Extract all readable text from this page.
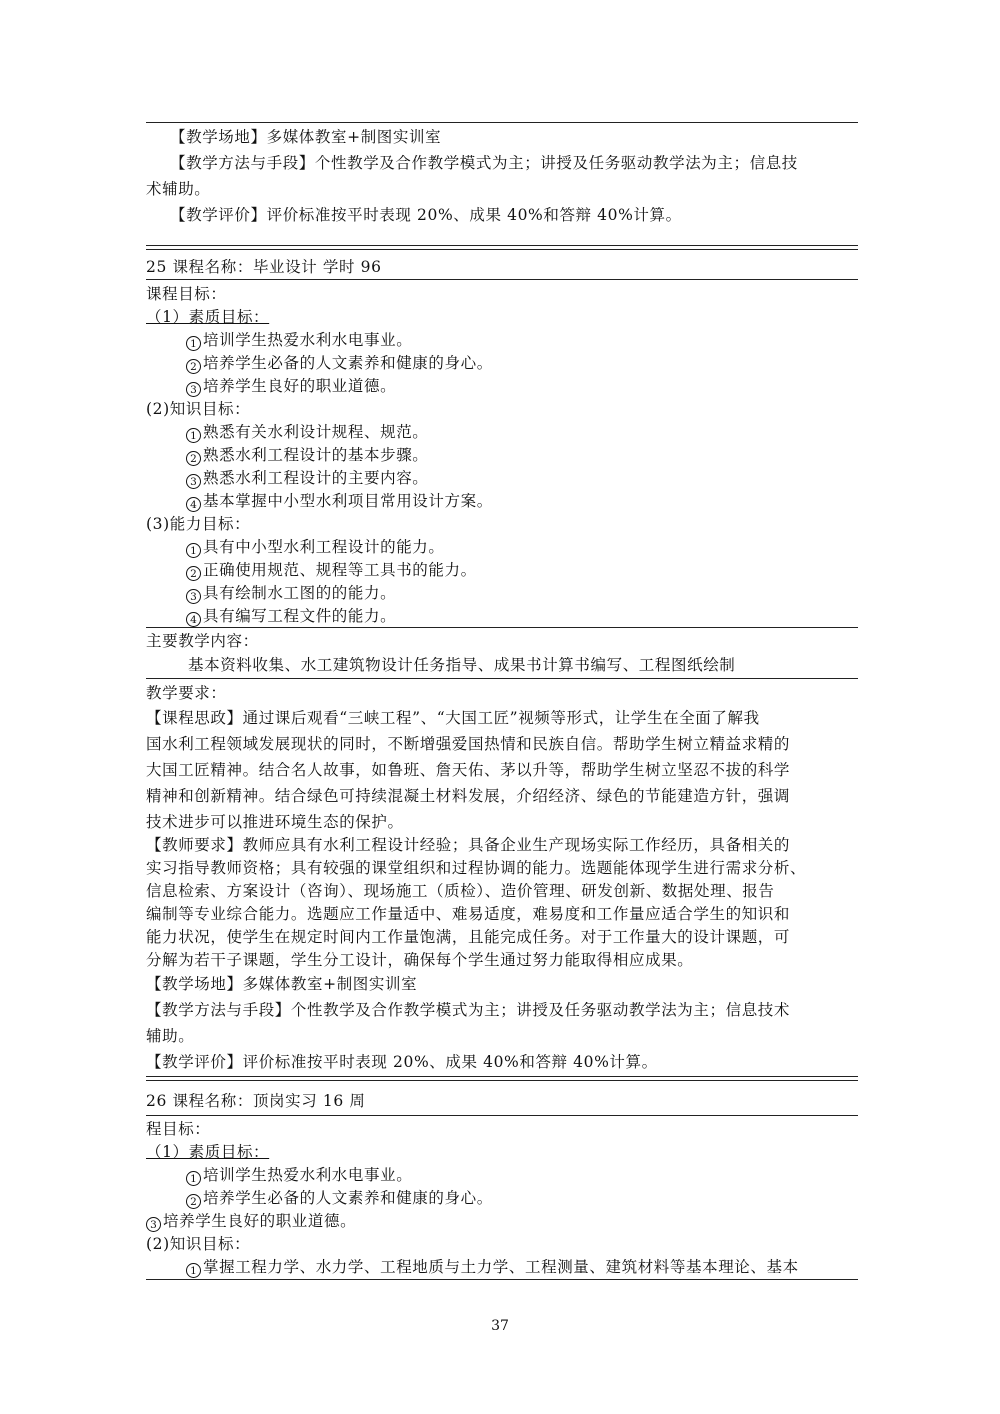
【教学场地】多媒体教室+制图实训室
【教学方法与手段】个性教学及合作教学模式为主；讲授及任务驱动教学法为主；信息技
术辅助。
【教学评价】评价标准按平时表现 20%、成果 40%和答辩 40%计算。
25 课程名称：毕业设计 学时 96
课程目标：
（1）素质目标：
1 培训学生热爱水利水电事业。
2 培养学生必备的人文素养和健康的身心。
3 培养学生良好的职业道德。
(2)知识目标：
1 熟悉有关水利设计规程、规范。
2 熟悉水利工程设计的基本步骤。
3 熟悉水利工程设计的主要内容。
4 基本掌握中小型水利项目常用设计方案。
(3)能力目标：
1 具有中小型水利工程设计的能力。
2 正确使用规范、规程等工具书的能力。
3 具有绘制水工图的的能力。
4 具有编写工程文件的能力。
主要教学内容：
基本资料收集、水工建筑物设计任务指导、成果书计算书编写、工程图纸绘制
教学要求：
【课程思政】通过课后观看“三峡工程”、“大国工匠”视频等形式，让学生在全面了解我
国水利工程领域发展现状的同时，不断增强爱国热情和民族自信。帮助学生树立精益求精的
大国工匠精神。结合名人故事，如鲁班、詹天佑、茅以升等，帮助学生树立坚忍不拔的科学
精神和创新精神。结合绿色可持续混凝土材料发展，介绍经济、绿色的节能建造方针，强调
技术进步可以推进环境生态的保护。
【教师要求】教师应具有水利工程设计经验；具备企业生产现场实际工作经历，具备相关的
实习指导教师资格；具有较强的课堂组织和过程协调的能力。选题能体现学生进行需求分析、
信息检索、方案设计（咨询）、现场施工（质检）、造价管理、研发创新、数据处理、报告
编制等专业综合能力。选题应工作量适中、难易适度，难易度和工作量应适合学生的知识和
能力状况，使学生在规定时间内工作量饱满，且能完成任务。对于工作量大的设计课题，可
分解为若干子课题，学生分工设计，确保每个学生通过努力能取得相应成果。
【教学场地】多媒体教室+制图实训室
【教学方法与手段】个性教学及合作教学模式为主；讲授及任务驱动教学法为主；信息技术
辅助。
【教学评价】评价标准按平时表现 20%、成果 40%和答辩 40%计算。
26 课程名称：顶岗实习 16 周
程目标：
（1）素质目标：
1 培训学生热爱水利水电事业。
2 培养学生必备的人文素养和健康的身心。
3 培养学生良好的职业道德。
(2)知识目标：
1 掌握工程力学、水力学、工程地质与土力学、工程测量、建筑材料等基本理论、基本
37
